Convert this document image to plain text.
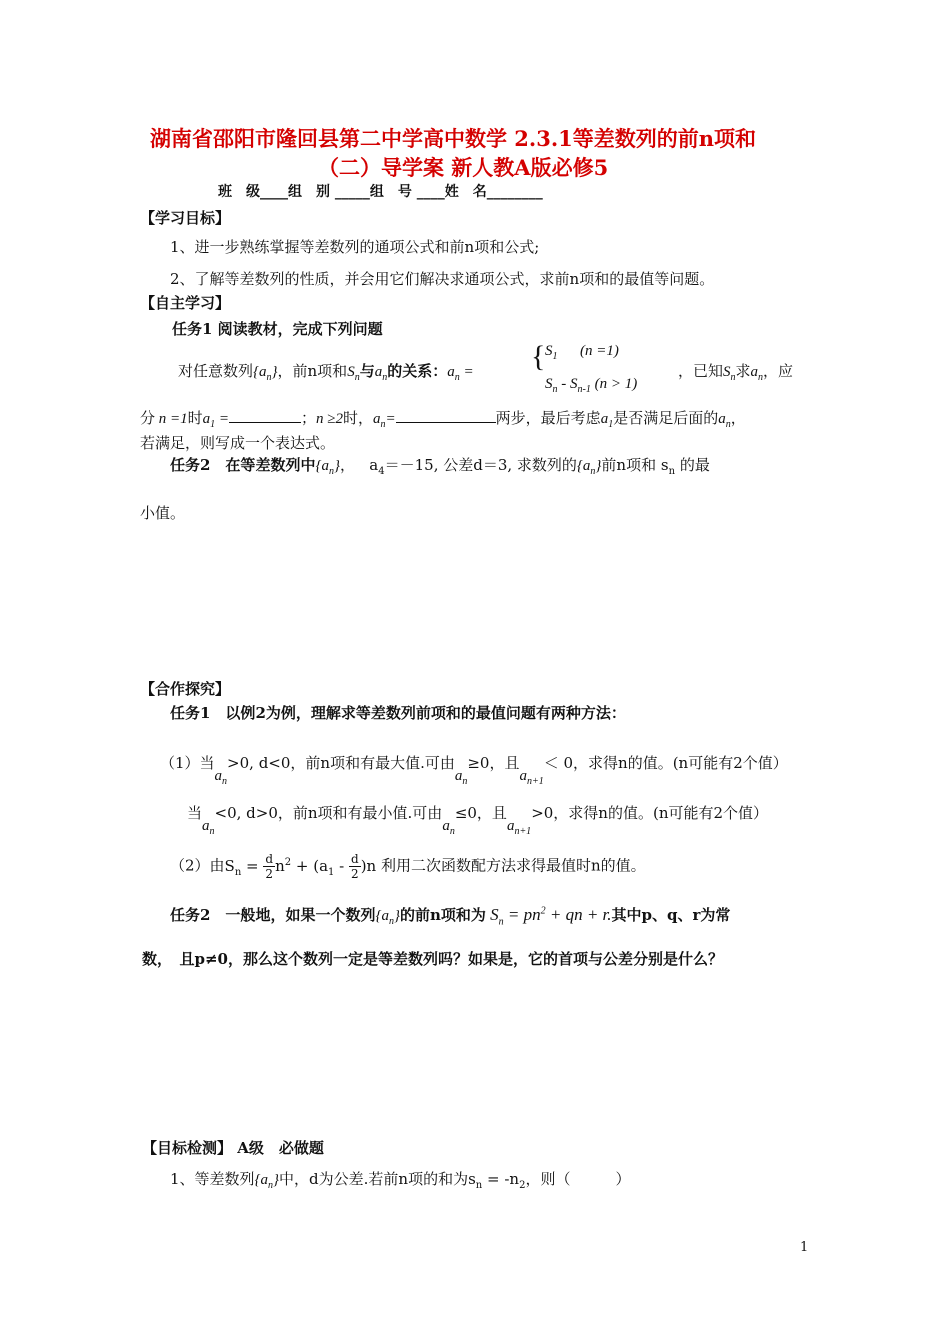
湖南省邵阳市隆回县第二中学高中数学 2.3.1等差数列的前n项和
（二）导学案 新人教A版必修5
班　级____组　别 _____组　号 ____姓　名________
【学习目标】
1、进一步熟练掌握等差数列的通项公式和前n项和公式;
2、了解等差数列的性质，并会用它们解决求通项公式，求前n项和的最值等问题。
【自主学习】
任务1 阅读教材，完成下列问题
对任意数列$\{a_n\}$，前n项和$S_n$与$a_n$的关系：$a_n$ = { $S_1$      (n =1)
$S_n - S_{n-1}$ (n > 1)
，已知$S_n$求$a_n$，应
分 n =1时$a_1$ =	；n ≥2时，$a_n=$	两步，最后考虑$a_1$是否满足后面的$a_n$，
若满足，则写成一个表达式。
任务2　在等差数列中$\{a_n\}$， $a_4=-15$, 公差d＝3, 求数列的$\{a_n\}$前n项和 $s_n$ 的最
小值。
【合作探究】
任务1　以例2为例，理解求等差数列前项和的最值问题有两种方法：
（1）当$a_n>0$, d<0，前n项和有最大值.可由$a_n\ge 0$，且$a_{n+1}< 0$，求得n的值。(n可能有2个值）
当$a_n<0$, d>0，前n项和有最小值.可由$a_n\le 0$，且$a_{n+1}>0$，求得n的值。(n可能有2个值）
（2）由$S_n = \frac{d}{2} n^2 + (a_1 - \frac{d}{2} )n$ 利用二次函数配方法求得最值时n的值。
任务2　一般地，如果一个数列$\{a_n\}$的前n项和为 $S_n = pn^2$ + qn + r.其中p、q、r为常
数，　且p≠0，那么这个数列一定是等差数列吗？如果是，它的首项与公差分别是什么？
【目标检测】 A级　必做题
1、等差数列$\{a_n\}$中，d为公差.若前n项的和为$s_n = -n_2$，则（　　　）
1
